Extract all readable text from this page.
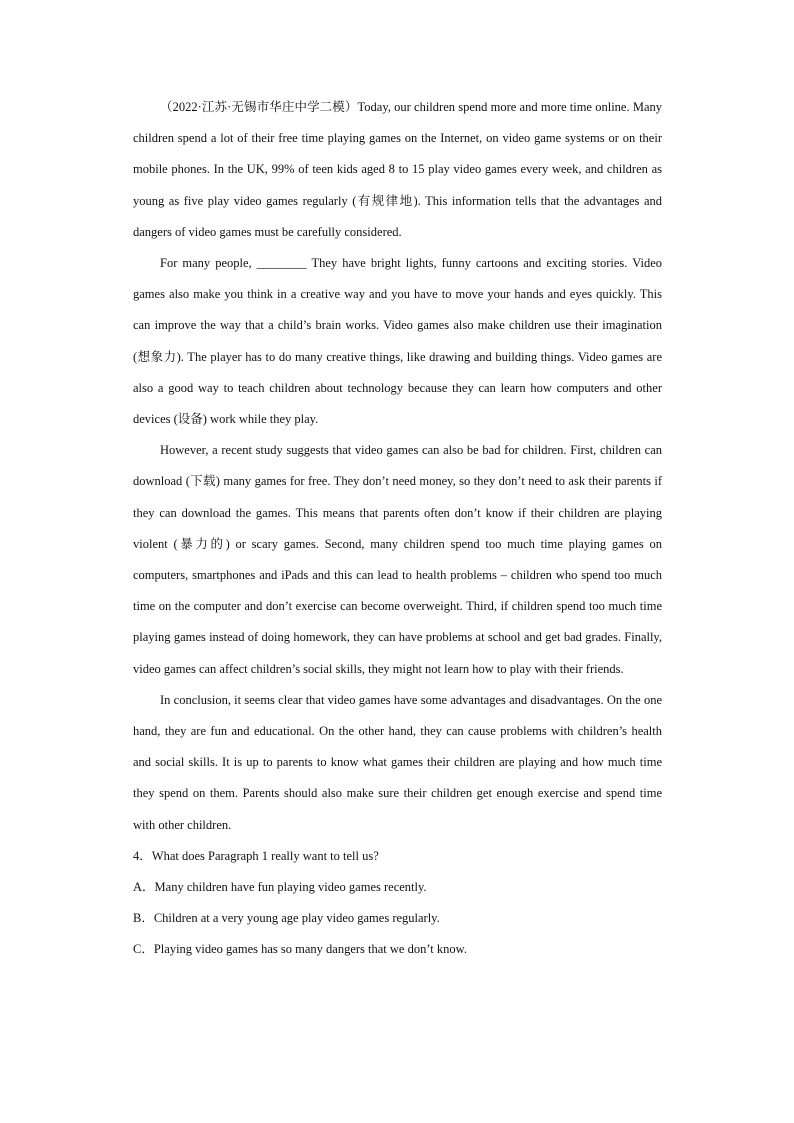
（2022·江苏·无锡市华庄中学二模）Today, our children spend more and more time online. Many children spend a lot of their free time playing games on the Internet, on video game systems or on their mobile phones. In the UK, 99% of teen kids aged 8 to 15 play video games every week, and children as young as five play video games regularly (有规律地). This information tells that the advantages and dangers of video games must be carefully considered.

For many people, ________ They have bright lights, funny cartoons and exciting stories. Video games also make you think in a creative way and you have to move your hands and eyes quickly. This can improve the way that a child’s brain works. Video games also make children use their imagination (想象力). The player has to do many creative things, like drawing and building things. Video games are also a good way to teach children about technology because they can learn how computers and other devices (设备) work while they play.

However, a recent study suggests that video games can also be bad for children. First, children can download (下载) many games for free. They don’t need money, so they don’t need to ask their parents if they can download the games. This means that parents often don’t know if their children are playing violent (暴力的) or scary games. Second, many children spend too much time playing games on computers, smartphones and iPads and this can lead to health problems – children who spend too much time on the computer and don’t exercise can become overweight. Third, if children spend too much time playing games instead of doing homework, they can have problems at school and get bad grades. Finally, video games can affect children’s social skills, they might not learn how to play with their friends.

In conclusion, it seems clear that video games have some advantages and disadvantages. On the one hand, they are fun and educational. On the other hand, they can cause problems with children’s health and social skills. It is up to parents to know what games their children are playing and how much time they spend on them. Parents should also make sure their children get enough exercise and spend time with other children.

4．What does Paragraph 1 really want to tell us?
A．Many children have fun playing video games recently.
B．Children at a very young age play video games regularly.
C．Playing video games has so many dangers that we don’t know.
